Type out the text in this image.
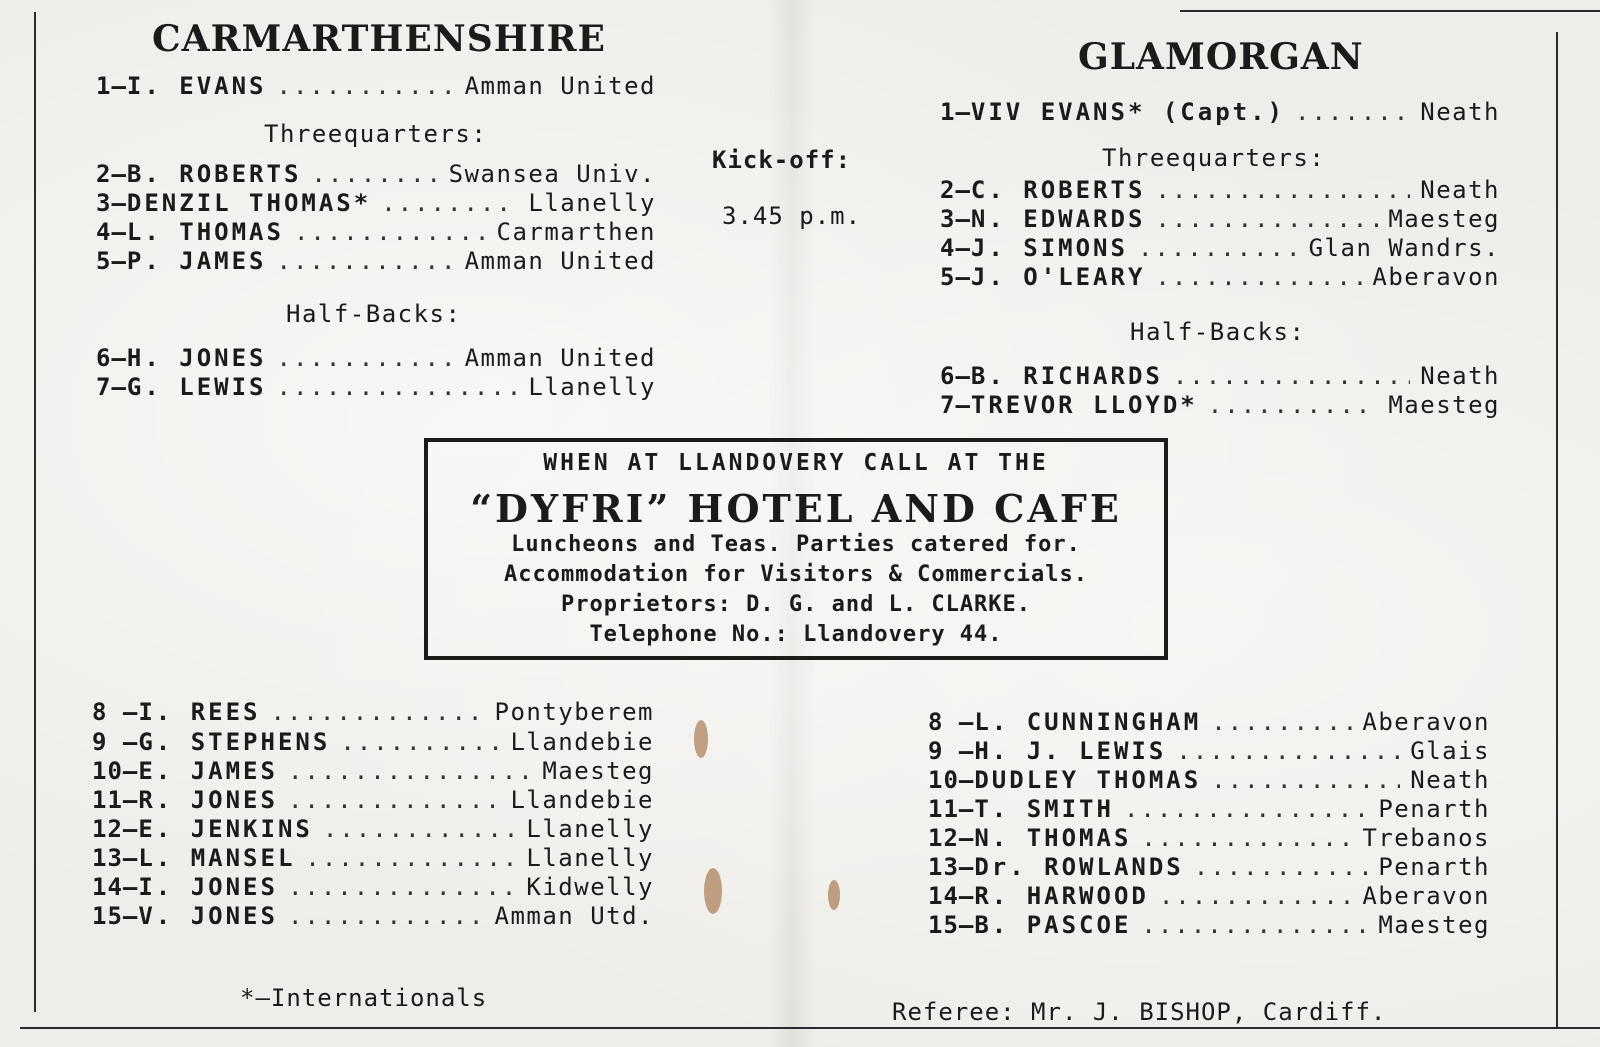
CARMARTHENSHIRE
1— I. EVANS .....	Amman United
Threequarters:
2— B. ROBERTS .....	Swansea Univ.
3— DENZIL THOMAS* .....	Llanelly
4— L. THOMAS .....	Carmarthen
5— P. JAMES .....	Amman United
Half-Backs:
6— H. JONES .....	Amman United
7— G. LEWIS .....	Llanelly
8 — I. REES .....	Pontyberem
9 — G. STEPHENS .....	Llandebie
10— E. JAMES .....	Maesteg
11— R. JONES .....	Llandebie
12— E. JENKINS .....	Llanelly
13— L. MANSEL .....	Llanelly
14— I. JONES .....	Kidwelly
15— V. JONES .....	Amman Utd.
*—Internationals
Kick-off:
3.45 p.m.
GLAMORGAN
1— VIV EVANS* (Capt.) .....	Neath
Threequarters:
2— C. ROBERTS .....	Neath
3— N. EDWARDS .....	Maesteg
4— J. SIMONS .....	Glan Wandrs.
5— J. O'LEARY .....	Aberavon
Half-Backs:
6— B. RICHARDS .....	Neath
7— TREVOR LLOYD* .....	Maesteg
8 — L. CUNNINGHAM .....	Aberavon
9 — H. J. LEWIS .....	Glais
10— DUDLEY THOMAS .....	Neath
11— T. SMITH .....	Penarth
12— N. THOMAS .....	Trebanos
13— Dr. ROWLANDS .....	Penarth
14— R. HARWOOD .....	Aberavon
15— B. PASCOE .....	Maesteg
Referee: Mr. J. BISHOP, Cardiff.
WHEN AT LLANDOVERY CALL AT THE
“DYFRI” HOTEL AND CAFE
Luncheons and Teas. Parties catered for.
Accommodation for Visitors & Commercials.
Proprietors: D. G. and L. CLARKE.
Telephone No.: Llandovery 44.
